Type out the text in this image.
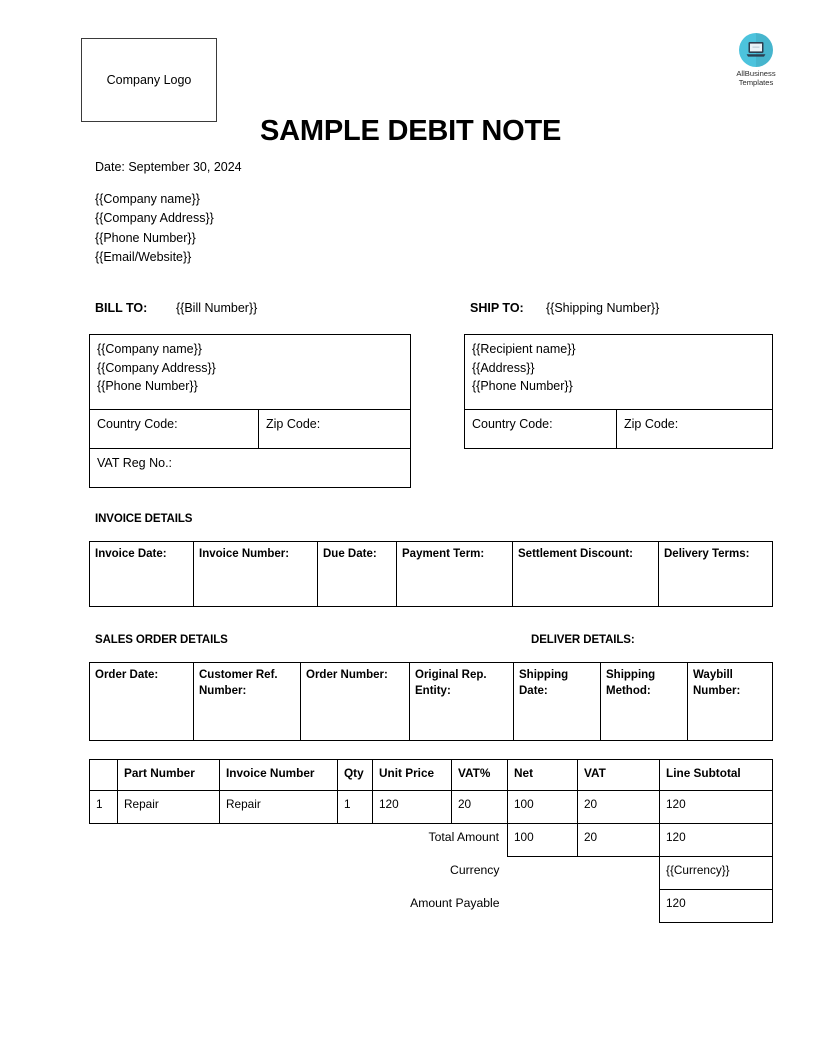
Company Logo	AllBusiness
Templates
SAMPLE DEBIT NOTE
Date: September 30, 2024
{{Company name}}
{{Company Address}}
{{Phone Number}}
{{Email/Website}}
BILL TO: {{Bill Number}}	SHIP TO: {{Shipping Number}}
{{Company name}}
{{Company Address}}
{{Phone Number}}

Country Code:	Zip Code:
VAT Reg No.:
{{Recipient name}}
{{Address}}
{{Phone Number}}

Country Code:	Zip Code:
INVOICE DETAILS
Invoice Date:	Invoice Number:	Due Date:	Payment Term:	Settlement Discount:	Delivery Terms:
SALES ORDER DETAILS	DELIVER DETAILS:
Order Date:	Customer Ref. Number:	Order Number:	Original Rep. Entity:	Shipping Date:	Shipping Method:	Waybill Number:
	Part Number	Invoice Number	Qty	Unit Price	VAT%	Net	VAT	Line Subtotal
1	Repair	Repair	1	120	20	100	20	120
Total Amount						100	20	120
Currency								{{Currency}}
Amount Payable								120
